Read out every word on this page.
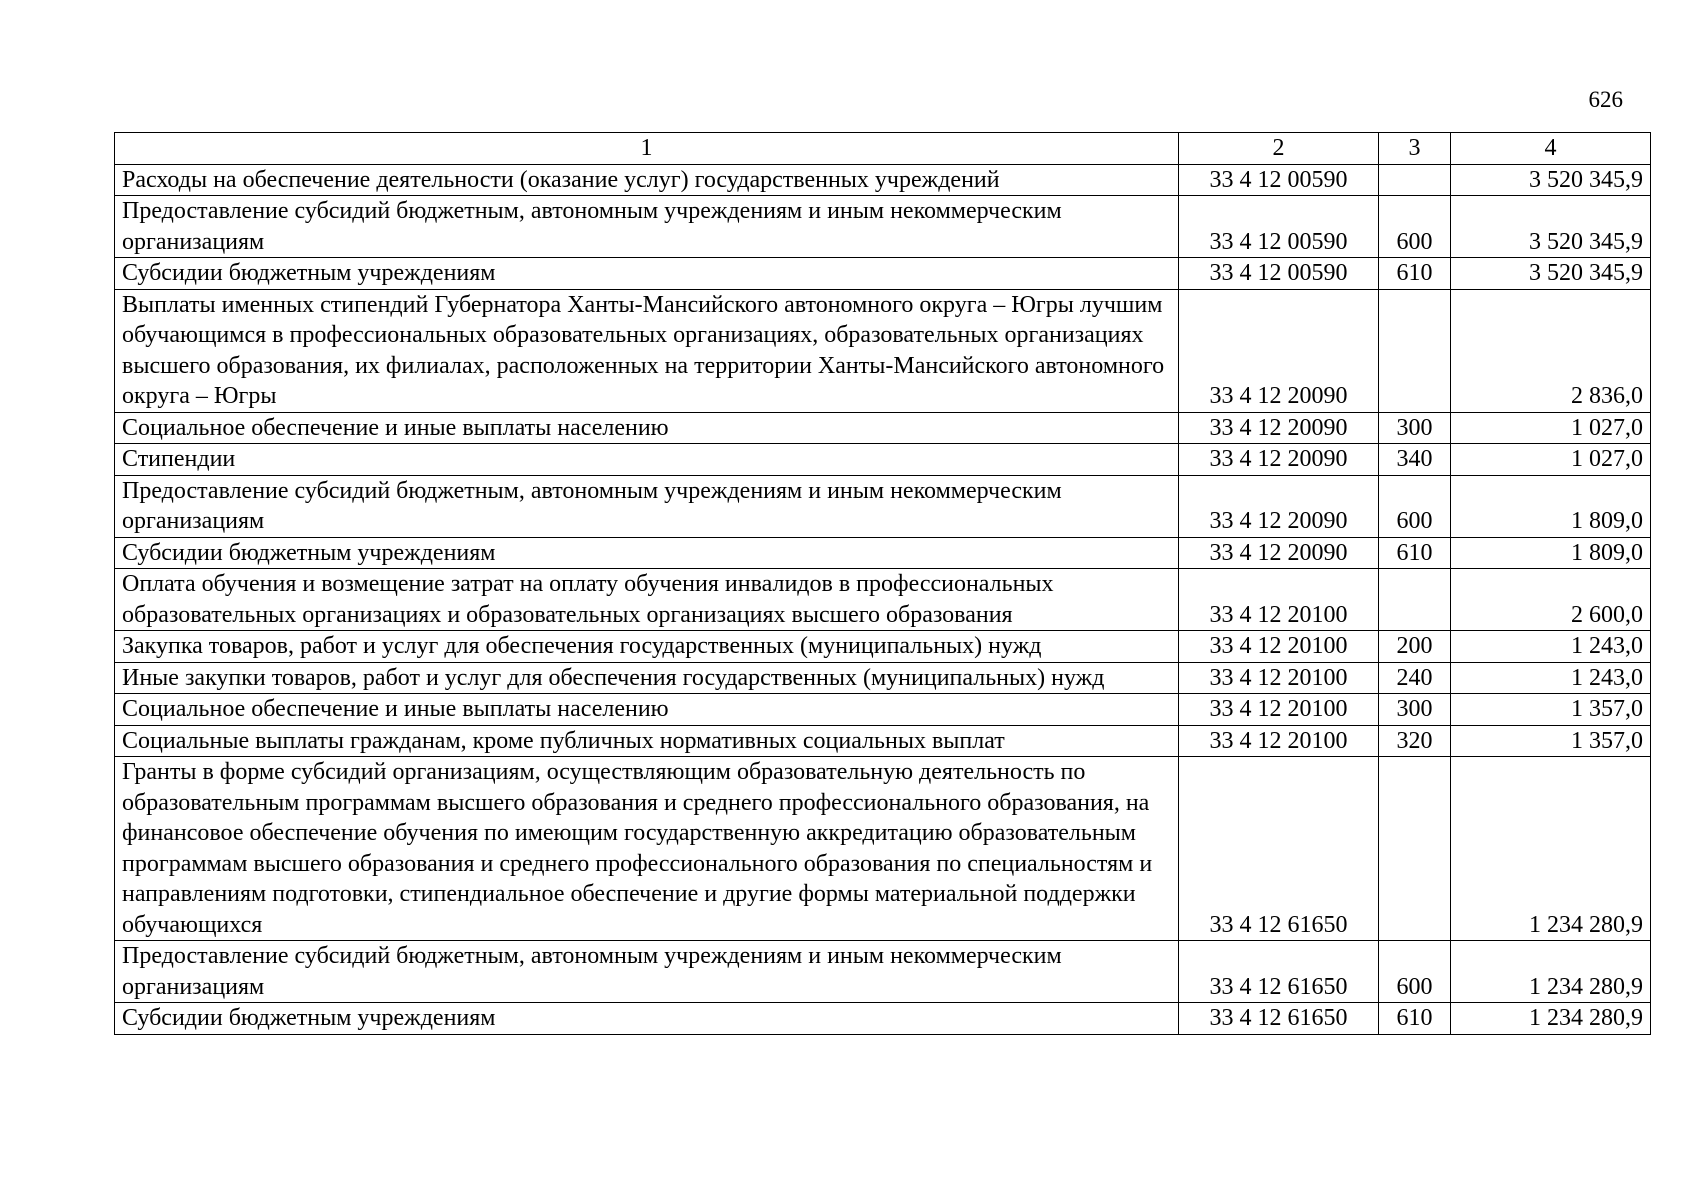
626
1	2	3	4
Расходы на обеспечение деятельности (оказание услуг) государственных учреждений	33 4 12 00590		3 520 345,9
Предоставление субсидий бюджетным, автономным учреждениям и иным некоммерческим организациям	33 4 12 00590	600	3 520 345,9
Субсидии бюджетным учреждениям	33 4 12 00590	610	3 520 345,9
Выплаты именных стипендий Губернатора Ханты-Мансийского автономного округа – Югры лучшим обучающимся в профессиональных образовательных организациях, образовательных организациях высшего образования, их филиалах, расположенных на территории Ханты-Мансийского автономного округа – Югры	33 4 12 20090		2 836,0
Социальное обеспечение и иные выплаты населению	33 4 12 20090	300	1 027,0
Стипендии	33 4 12 20090	340	1 027,0
Предоставление субсидий бюджетным, автономным учреждениям и иным некоммерческим организациям	33 4 12 20090	600	1 809,0
Субсидии бюджетным учреждениям	33 4 12 20090	610	1 809,0
Оплата обучения и возмещение затрат на оплату обучения инвалидов в профессиональных образовательных организациях и образовательных организациях высшего образования	33 4 12 20100		2 600,0
Закупка товаров, работ и услуг для обеспечения государственных (муниципальных) нужд	33 4 12 20100	200	1 243,0
Иные закупки товаров, работ и услуг для обеспечения государственных (муниципальных) нужд	33 4 12 20100	240	1 243,0
Социальное обеспечение и иные выплаты населению	33 4 12 20100	300	1 357,0
Социальные выплаты гражданам, кроме публичных нормативных социальных выплат	33 4 12 20100	320	1 357,0
Гранты в форме субсидий организациям, осуществляющим образовательную деятельность по образовательным программам высшего образования и среднего профессионального образования, на финансовое обеспечение обучения по имеющим государственную аккредитацию образовательным программам высшего образования и среднего профессионального образования по специальностям и направлениям подготовки, стипендиальное обеспечение и другие формы материальной поддержки обучающихся	33 4 12 61650		1 234 280,9
Предоставление субсидий бюджетным, автономным учреждениям и иным некоммерческим организациям	33 4 12 61650	600	1 234 280,9
Субсидии бюджетным учреждениям	33 4 12 61650	610	1 234 280,9
